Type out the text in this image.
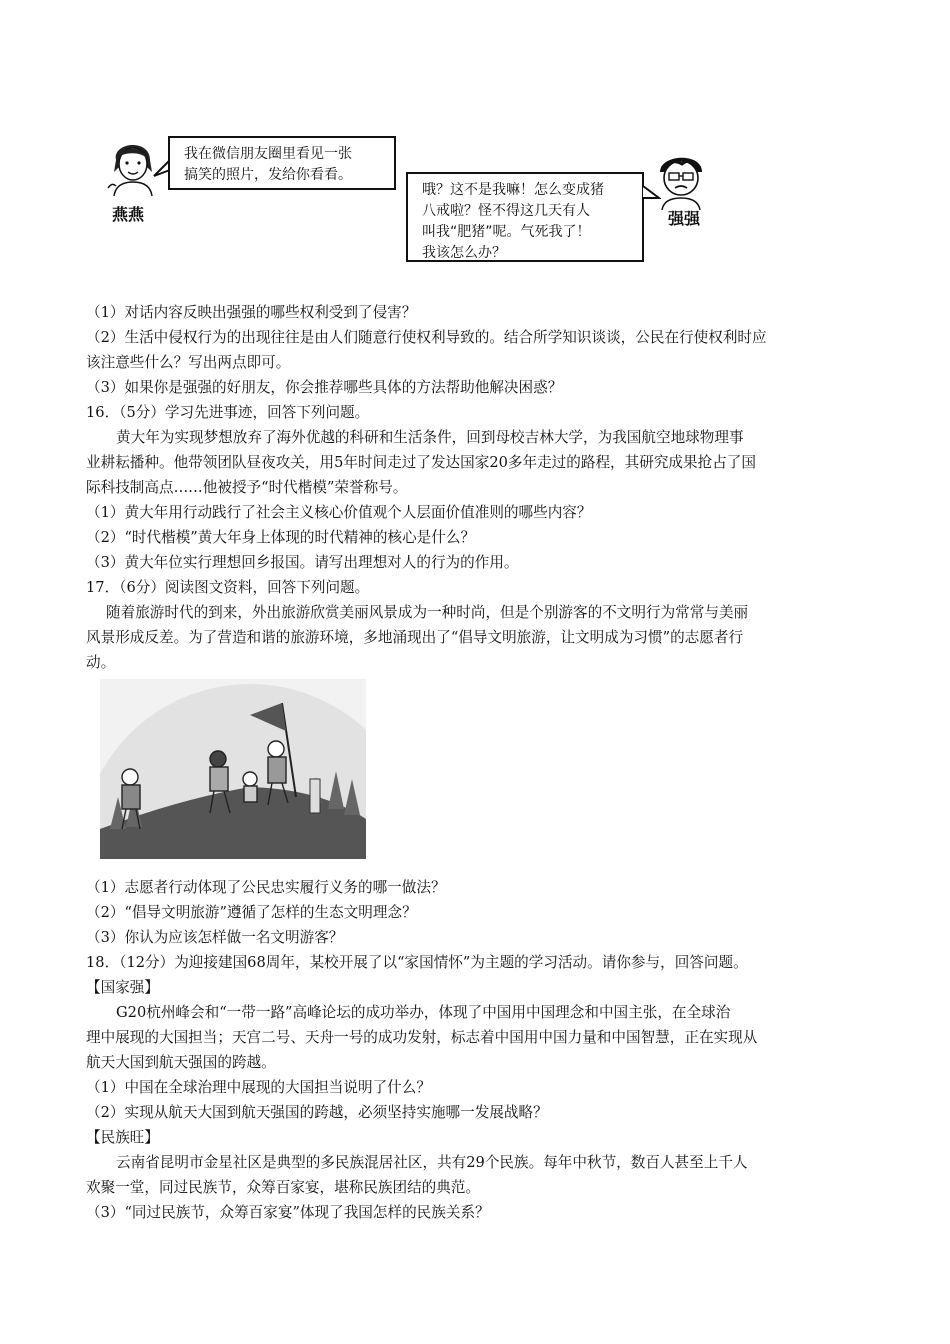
燕燕
我在微信朋友圈里看见一张
搞笑的照片，发给你看看。
哦？这不是我嘛！怎么变成猪
八戒啦？怪不得这几天有人
叫我“肥猪”呢。气死我了！
我该怎么办？
强强
（1）对话内容反映出强强的哪些权利受到了侵害？
（2）生活中侵权行为的出现往往是由人们随意行使权利导致的。结合所学知识谈谈，公民在行使权利时应
该注意些什么？写出两点即可。
（3）如果你是强强的好朋友，你会推荐哪些具体的方法帮助他解决困惑？
16．（5分）学习先进事迹，回答下列问题。
黄大年为实现梦想放弃了海外优越的科研和生活条件，回到母校吉林大学，为我国航空地球物理事
业耕耘播种。他带领团队昼夜攻关，用5年时间走过了发达国家20多年走过的路程，其研究成果抢占了国
际科技制高点……他被授予“时代楷模”荣誉称号。
（1）黄大年用行动践行了社会主义核心价值观个人层面价值准则的哪些内容？
（2）“时代楷模”黄大年身上体现的时代精神的核心是什么？
（3）黄大年位实行理想回乡报国。请写出理想对人的行为的作用。
17．（6分）阅读图文资料，回答下列问题。
随着旅游时代的到来，外出旅游欣赏美丽风景成为一种时尚，但是个别游客的不文明行为常常与美丽
风景形成反差。为了营造和谐的旅游环境，多地涌现出了“倡导文明旅游，让文明成为习惯”的志愿者行
动。
（1）志愿者行动体现了公民忠实履行义务的哪一做法？
（2）“倡导文明旅游”遵循了怎样的生态文明理念？
（3）你认为应该怎样做一名文明游客？
18．（12分）为迎接建国68周年，某校开展了以“家国情怀”为主题的学习活动。请你参与，回答问题。
【国家强】
G20杭州峰会和“一带一路”高峰论坛的成功举办，体现了中国用中国理念和中国主张，在全球治
理中展现的大国担当；天宫二号、天舟一号的成功发射，标志着中国用中国力量和中国智慧，正在实现从
航天大国到航天强国的跨越。
（1）中国在全球治理中展现的大国担当说明了什么？
（2）实现从航天大国到航天强国的跨越，必须坚持实施哪一发展战略？
【民族旺】
云南省昆明市金星社区是典型的多民族混居社区，共有29个民族。每年中秋节，数百人甚至上千人
欢聚一堂，同过民族节，众筹百家宴，堪称民族团结的典范。
（3）“同过民族节，众筹百家宴”体现了我国怎样的民族关系？
